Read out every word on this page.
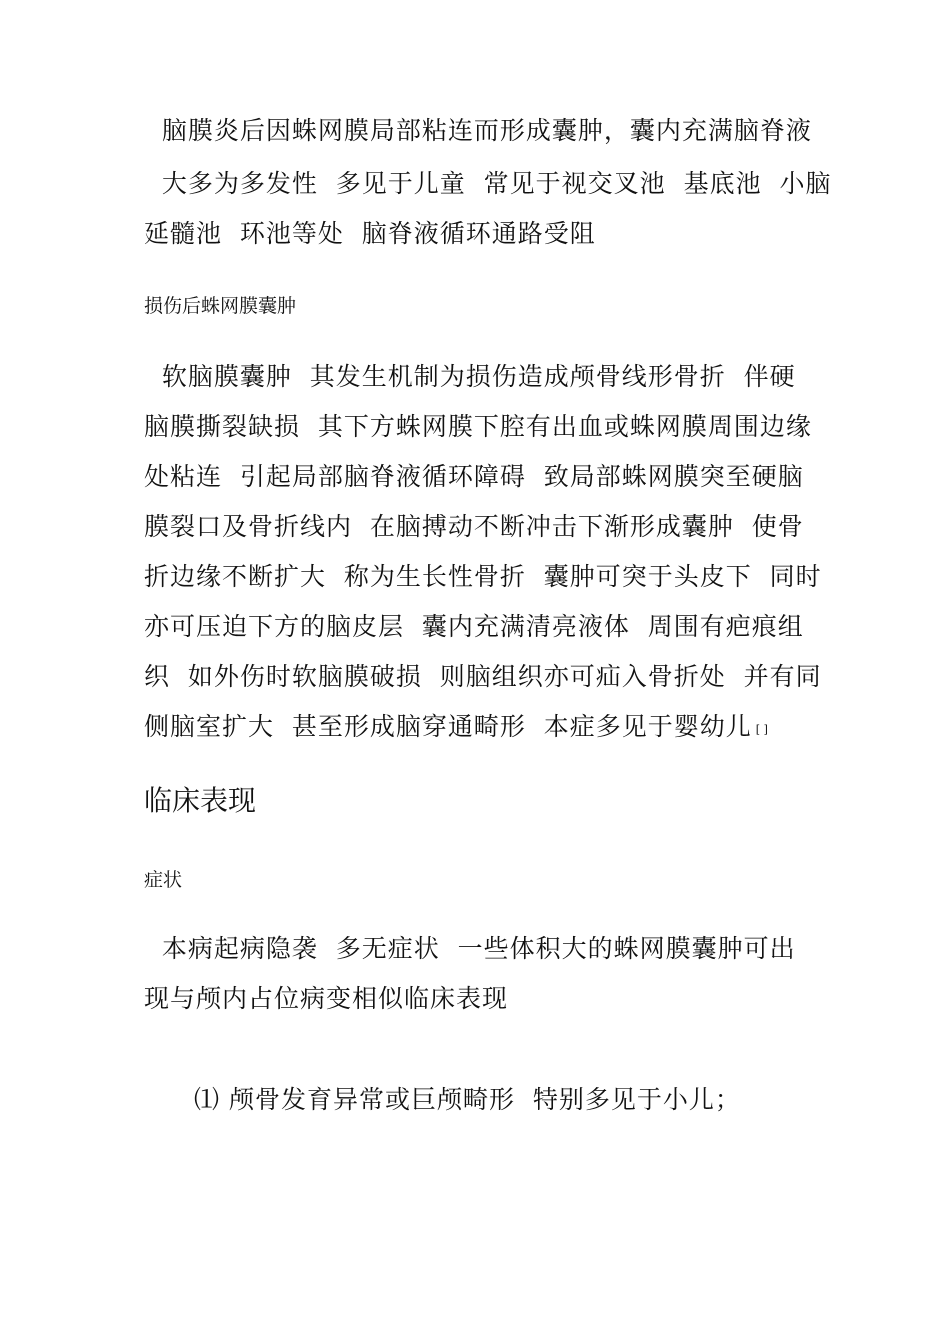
脑膜炎后因蛛网膜局部粘连而形成囊肿，囊内充满脑脊液
大多为多发性  多见于儿童  常见于视交叉池  基底池  小脑
延髓池  环池等处  脑脊液循环通路受阻
损伤后蛛网膜囊肿
软脑膜囊肿  其发生机制为损伤造成颅骨线形骨折  伴硬
脑膜撕裂缺损  其下方蛛网膜下腔有出血或蛛网膜周围边缘
处粘连  引起局部脑脊液循环障碍  致局部蛛网膜突至硬脑
膜裂口及骨折线内  在脑搏动不断冲击下渐形成囊肿  使骨
折边缘不断扩大  称为生长性骨折  囊肿可突于头皮下  同时
亦可压迫下方的脑皮层  囊内充满清亮液体  周围有疤痕组
织  如外伤时软脑膜破损  则脑组织亦可疝入骨折处  并有同
侧脑室扩大  甚至形成脑穿通畸形  本症多见于婴幼儿 [ ]
临床表现
症状
本病起病隐袭  多无症状  一些体积大的蛛网膜囊肿可出
现与颅内占位病变相似临床表现
⑴ 颅骨发育异常或巨颅畸形  特别多见于小儿；
